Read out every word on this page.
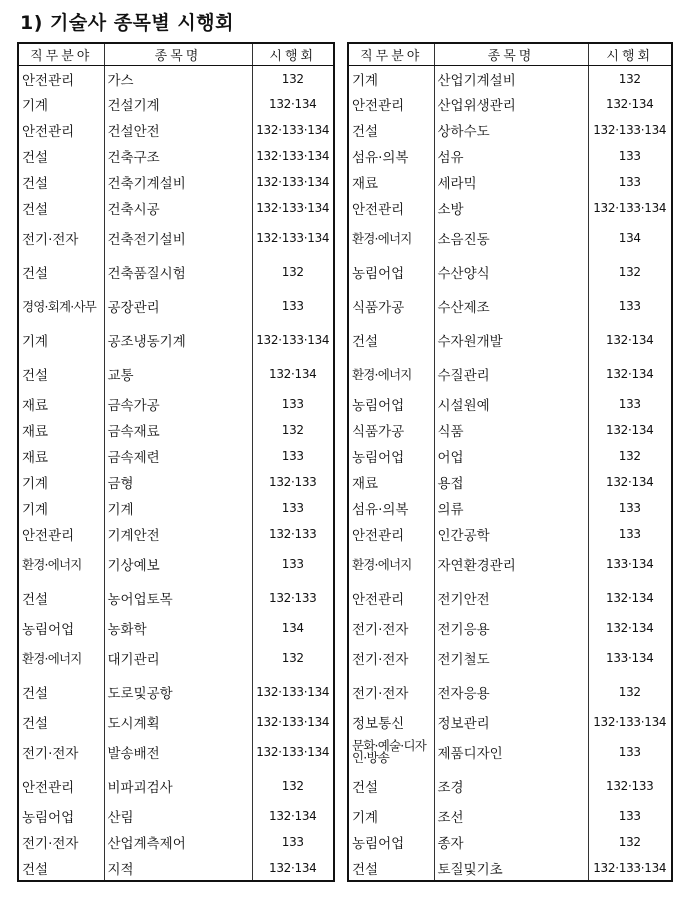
1) 기술사 종목별 시행회
직무분야	종목명	시행회
안전관리	가스	132
기계	건설기계	132·134
안전관리	건설안전	132·133·134
건설	건축구조	132·133·134
건설	건축기계설비	132·133·134
건설	건축시공	132·133·134
전기·전자	건축전기설비	132·133·134
건설	건축품질시험	132
경영·회계·사무	공장관리	133
기계	공조냉동기계	132·133·134
건설	교통	132·134
재료	금속가공	133
재료	금속재료	132
재료	금속제련	133
기계	금형	132·133
기계	기계	133
안전관리	기계안전	132·133
환경·에너지	기상예보	133
건설	농어업토목	132·133
농림어업	농화학	134
환경·에너지	대기관리	132
건설	도로및공항	132·133·134
건설	도시계획	132·133·134
전기·전자	발송배전	132·133·134
안전관리	비파괴검사	132
농림어업	산림	132·134
전기·전자	산업계측제어	133
건설	지적	132·134
직무분야	종목명	시행회
기계	산업기계설비	132
안전관리	산업위생관리	132·134
건설	상하수도	132·133·134
섬유·의복	섬유	133
재료	세라믹	133
안전관리	소방	132·133·134
환경·에너지	소음진동	134
농림어업	수산양식	132
식품가공	수산제조	133
건설	수자원개발	132·134
환경·에너지	수질관리	132·134
농림어업	시설원예	133
식품가공	식품	132·134
농림어업	어업	132
재료	용접	132·134
섬유·의복	의류	133
안전관리	인간공학	133
환경·에너지	자연환경관리	133·134
안전관리	전기안전	132·134
전기·전자	전기응용	132·134
전기·전자	전기철도	133·134
전기·전자	전자응용	132
정보통신	정보관리	132·133·134
문화·예술·디자인·방송	제품디자인	133
건설	조경	132·133
기계	조선	133
농림어업	종자	132
건설	토질및기초	132·133·134
